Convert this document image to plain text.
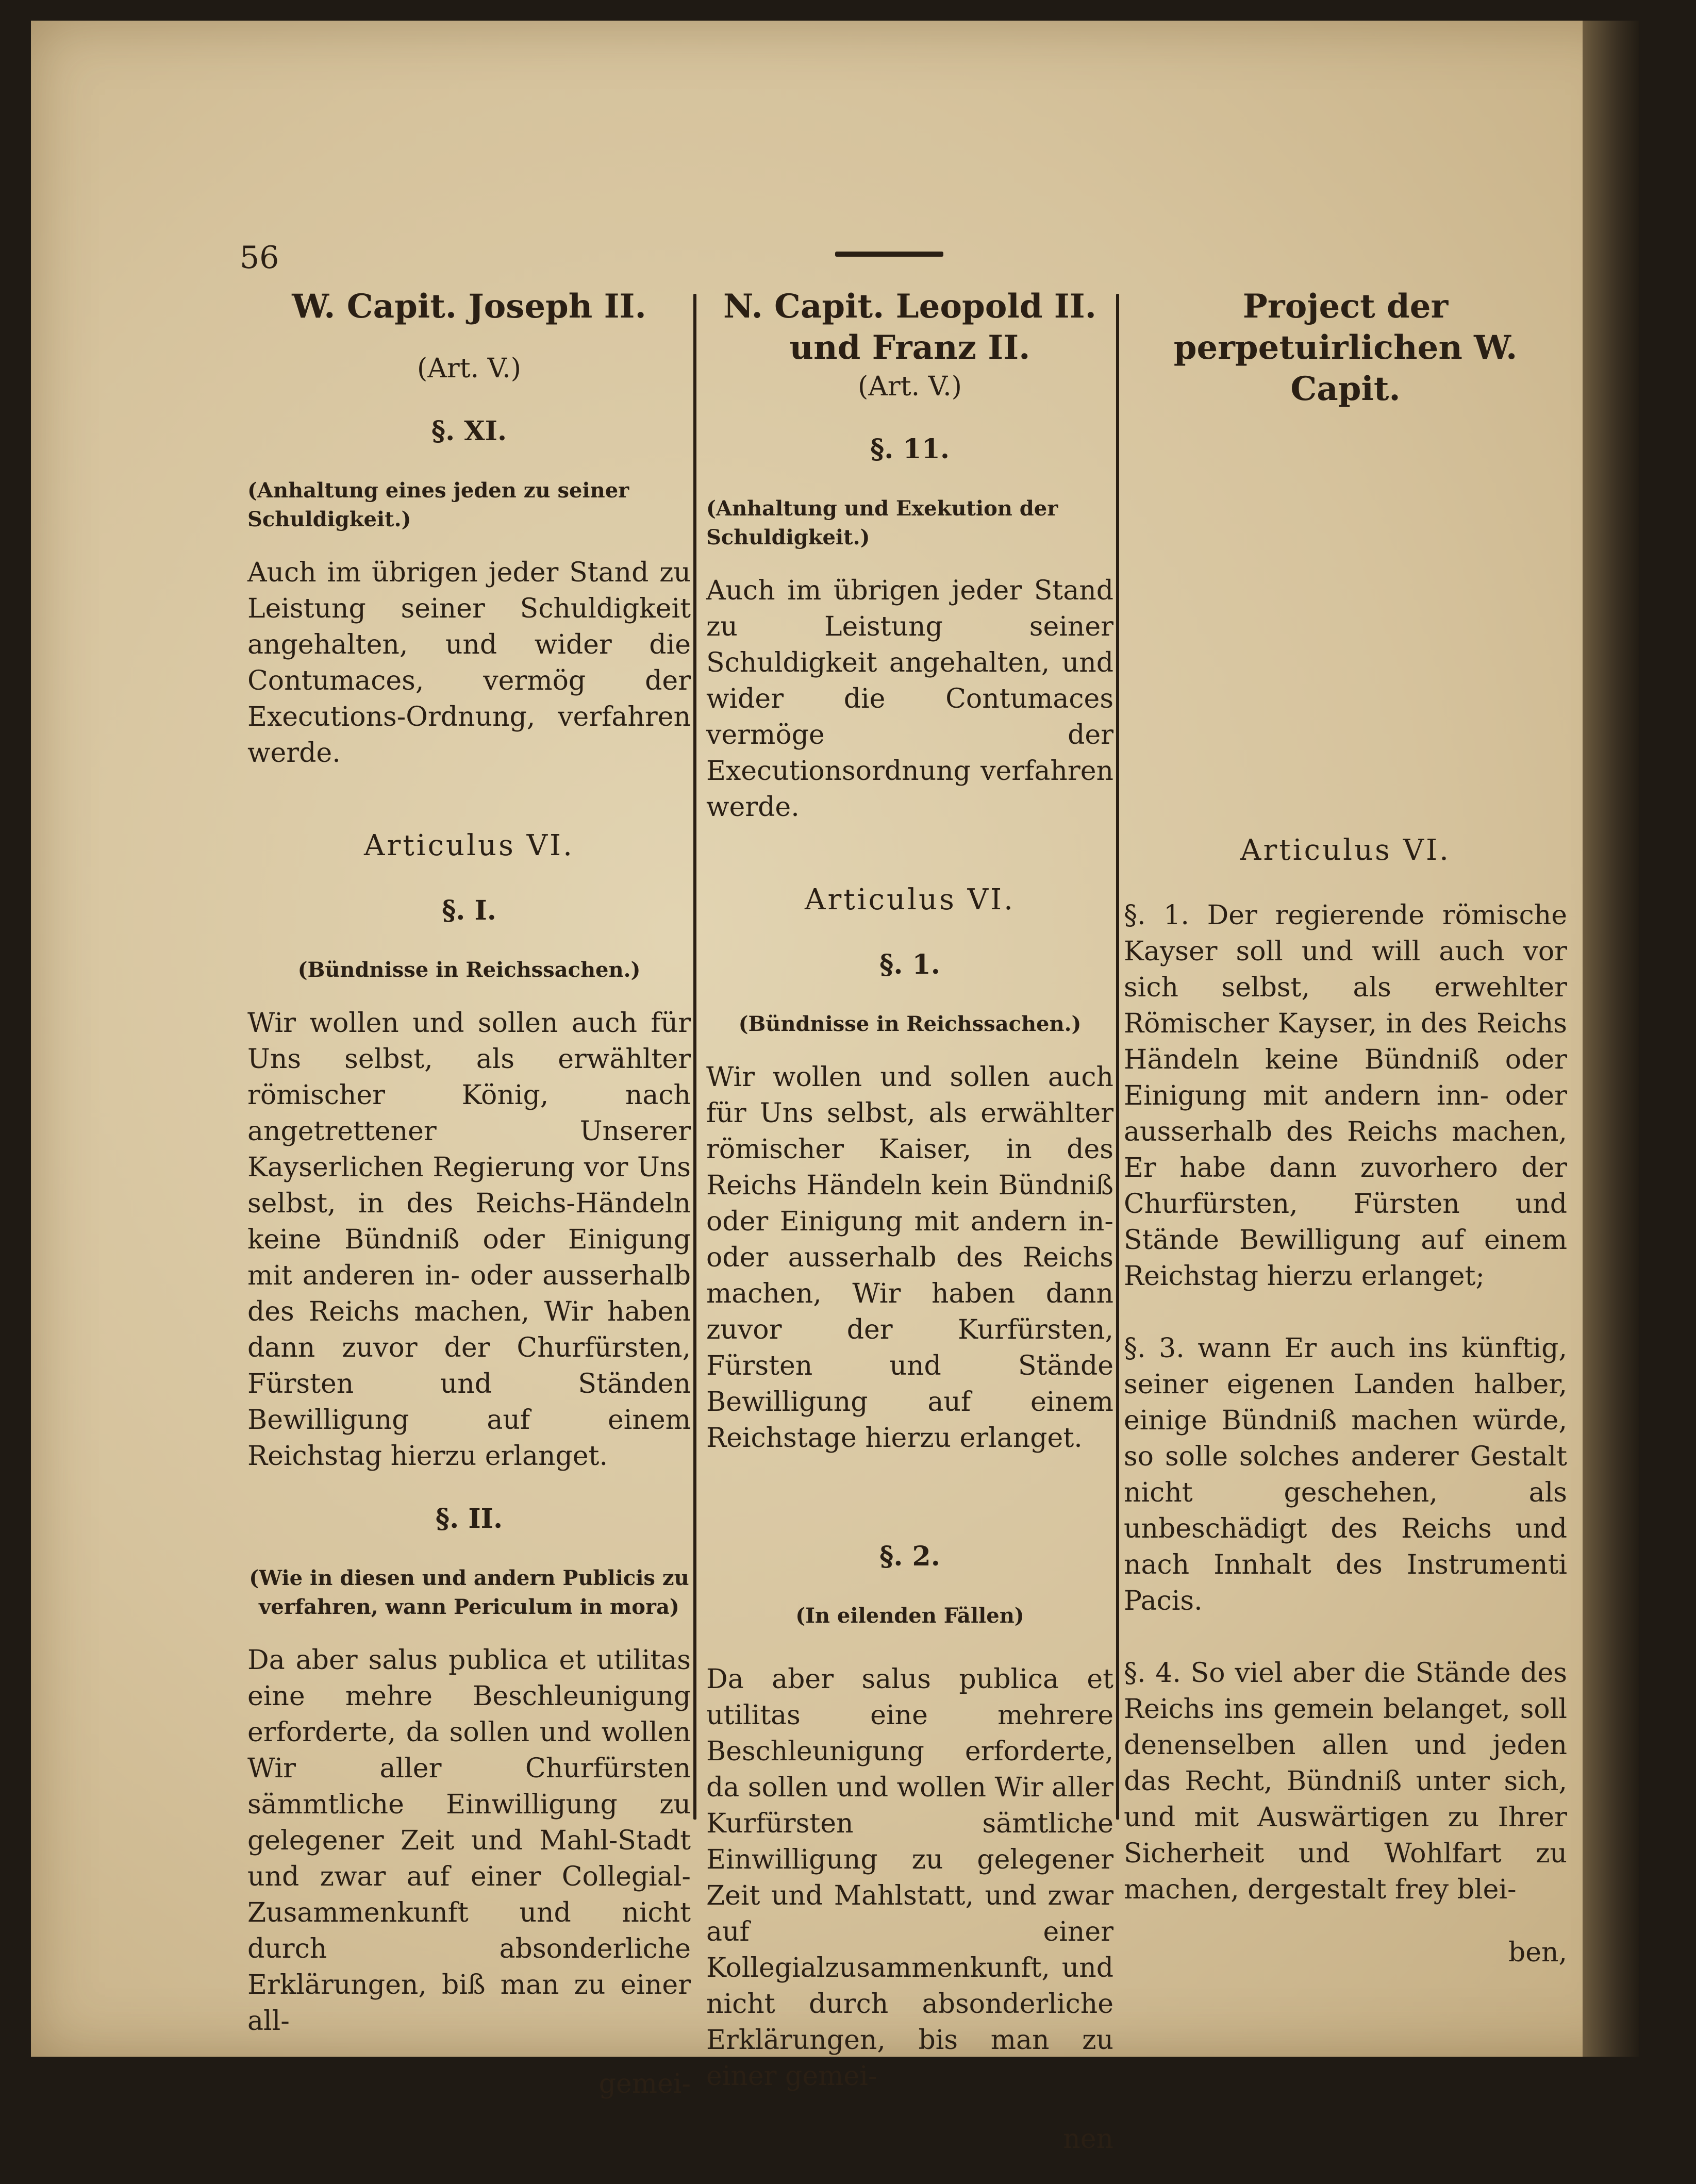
56

W. Capit. Joseph II.

(Art. V.)

§. XI.

(Anhaltung eines jeden zu seiner Schuldigkeit.)

Auch im übrigen jeder Stand zu Leistung seiner Schuldigkeit angehalten, und wider die Contumaces, vermög der Executions-Ordnung, verfahren werde.

Articulus VI.

§. I.

(Bündnisse in Reichssachen.)

Wir wollen und sollen auch für Uns selbst, als erwählter römischer König, nach angetrettener Unserer Kayserlichen Regierung vor Uns selbst, in des Reichs-Händeln keine Bündniß oder Einigung mit anderen in- oder ausserhalb des Reichs machen, Wir haben dann zuvor der Churfürsten, Fürsten und Ständen Bewilligung auf einem Reichstag hierzu erlanget.

§. II.

(Wie in diesen und andern Publicis zu verfahren, wann Periculum in mora)

Da aber salus publica et utilitas eine mehre Beschleunigung erforderte, da sollen und wollen Wir aller Churfürsten sämmtliche Einwilligung zu gelegener Zeit und Mahl-Stadt und zwar auf einer Collegial-Zusammenkunft und nicht durch absonderliche Erklärungen, biß man zu einer all-

gemei-

N. Capit. Leopold II. und Franz II.

(Art. V.)

§. 11.

(Anhaltung und Exekution der Schuldigkeit.)

Auch im übrigen jeder Stand zu Leistung seiner Schuldigkeit angehalten, und wider die Contumaces vermöge der Executionsordnung verfahren werde.

Articulus VI.

§. 1.

(Bündnisse in Reichssachen.)

Wir wollen und sollen auch für Uns selbst, als erwählter römischer Kaiser, in des Reichs Händeln kein Bündniß oder Einigung mit andern in- oder ausserhalb des Reichs machen, Wir haben dann zuvor der Kurfürsten, Fürsten und Stände Bewilligung auf einem Reichstage hierzu erlanget.

§. 2.

(In eilenden Fällen)

Da aber salus publica et utilitas eine mehrere Beschleunigung erforderte, da sollen und wollen Wir aller Kurfürsten sämtliche Einwilligung zu gelegener Zeit und Mahlstatt, und zwar auf einer Kollegialzusammenkunft, und nicht durch absonderliche Erklärungen, bis man zu einer gemei-

nen

Project der perpetuirlichen W. Capit.

Articulus VI.

§. 1. Der regierende römische Kayser soll und will auch vor sich selbst, als erwehlter Römischer Kayser, in des Reichs Händeln keine Bündniß oder Einigung mit andern inn- oder ausserhalb des Reichs machen, Er habe dann zuvorhero der Churfürsten, Fürsten und Stände Bewilligung auf einem Reichstag hierzu erlanget;

§. 3. wann Er auch ins künftig, seiner eigenen Landen halber, einige Bündniß machen würde, so solle solches anderer Gestalt nicht geschehen, als unbeschädigt des Reichs und nach Innhalt des Instrumenti Pacis.

§. 4. So viel aber die Stände des Reichs ins gemein belanget, soll denenselben allen und jeden das Recht, Bündniß unter sich, und mit Auswärtigen zu Ihrer Sicherheit und Wohlfart zu machen, dergestalt frey blei-

ben,
